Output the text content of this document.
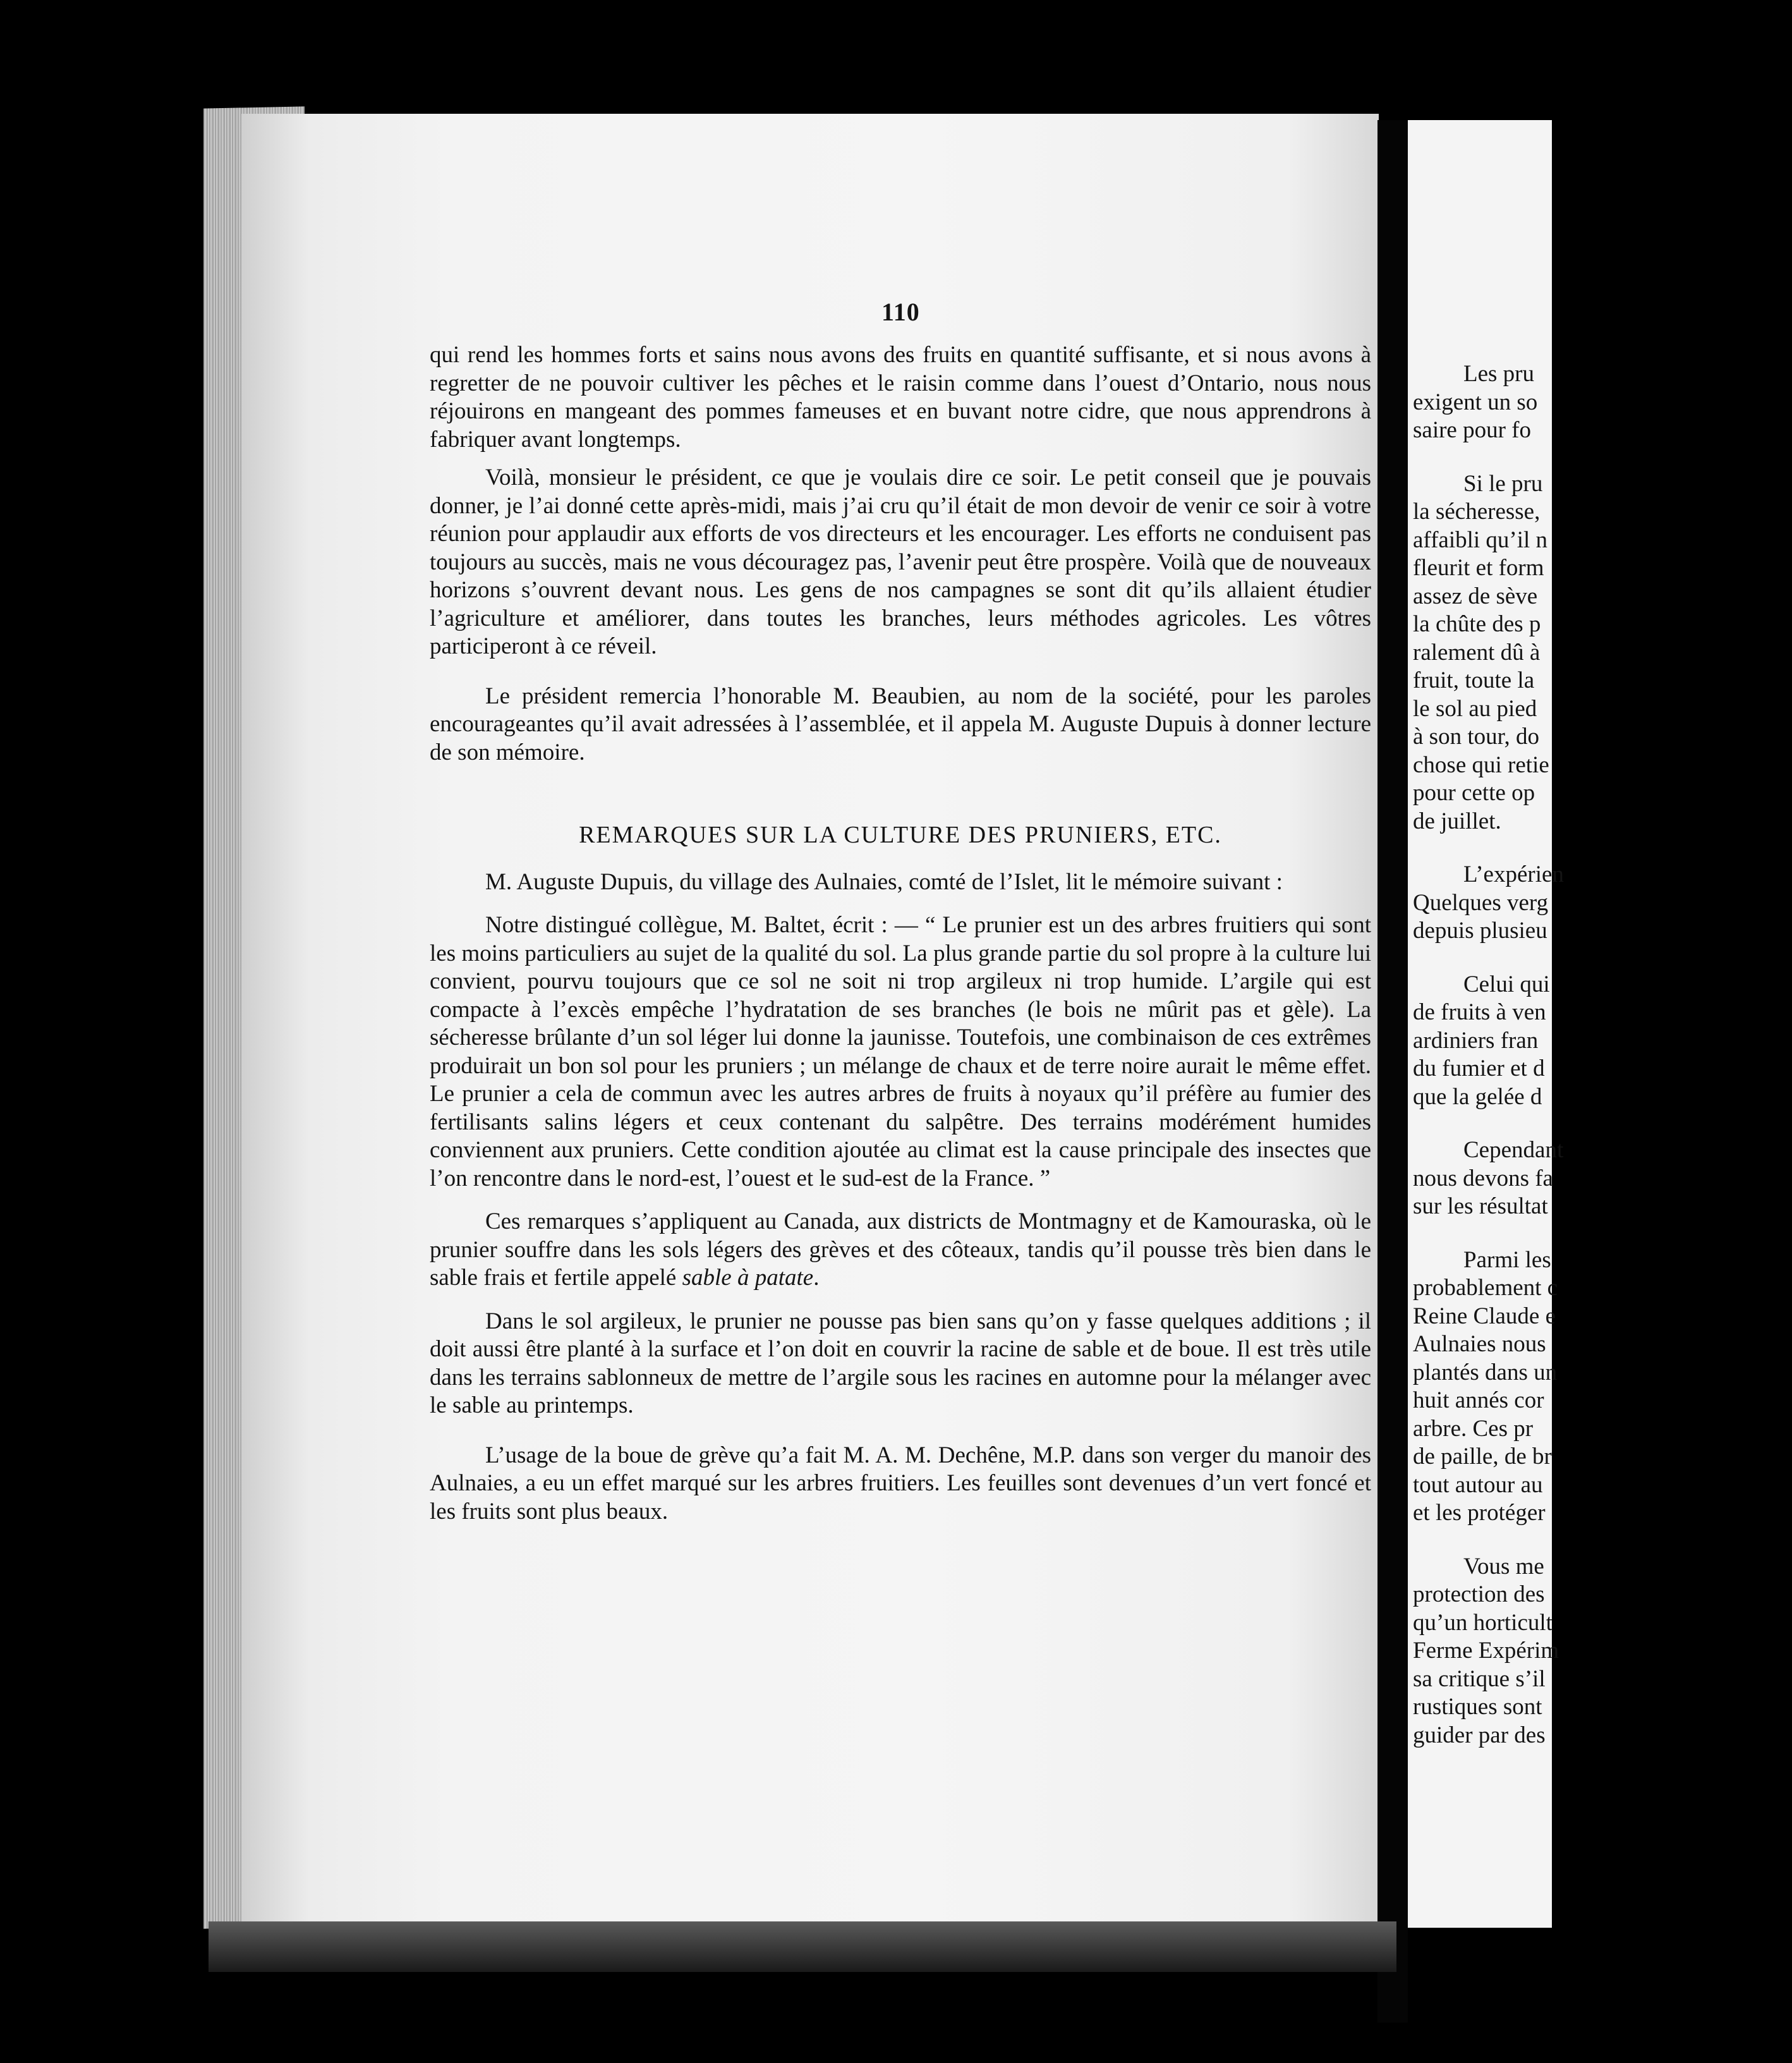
110

qui rend les hommes forts et sains nous avons des fruits en quantité suffisante, et si nous avons à regretter de ne pouvoir cultiver les pêches et le raisin comme dans l’ouest d’Ontario, nous nous réjouirons en mangeant des pommes fameuses et en buvant notre cidre, que nous apprendrons à fabriquer avant longtemps.

Voilà, monsieur le président, ce que je voulais dire ce soir. Le petit conseil que je pouvais donner, je l’ai donné cette après-midi, mais j’ai cru qu’il était de mon devoir de venir ce soir à votre réunion pour applaudir aux efforts de vos directeurs et les encourager. Les efforts ne conduisent pas toujours au succès, mais ne vous découragez pas, l’avenir peut être prospère. Voilà que de nouveaux horizons s’ouvrent devant nous. Les gens de nos campagnes se sont dit qu’ils allaient étudier l’agriculture et améliorer, dans toutes les branches, leurs méthodes agricoles. Les vôtres participeront à ce réveil.

Le président remercia l’honorable M. Beaubien, au nom de la société, pour les paroles encourageantes qu’il avait adressées à l’assemblée, et il appela M. Auguste Dupuis à donner lecture de son mémoire.

REMARQUES SUR LA CULTURE DES PRUNIERS, ETC.

M. Auguste Dupuis, du village des Aulnaies, comté de l’Islet, lit le mémoire suivant :

Notre distingué collègue, M. Baltet, écrit : — “ Le prunier est un des arbres fruitiers qui sont les moins particuliers au sujet de la qualité du sol. La plus grande partie du sol propre à la culture lui convient, pourvu toujours que ce sol ne soit ni trop argileux ni trop humide. L’argile qui est compacte à l’excès empêche l’hydratation de ses branches (le bois ne mûrit pas et gèle). La sécheresse brûlante d’un sol léger lui donne la jaunisse. Toutefois, une combinaison de ces extrêmes produirait un bon sol pour les pruniers ; un mélange de chaux et de terre noire aurait le même effet. Le prunier a cela de commun avec les autres arbres de fruits à noyaux qu’il préfère au fumier des fertilisants salins légers et ceux contenant du salpêtre. Des terrains modérément humides conviennent aux pruniers. Cette condition ajoutée au climat est la cause principale des insectes que l’on rencontre dans le nord-est, l’ouest et le sud-est de la France. ”

Ces remarques s’appliquent au Canada, aux districts de Montmagny et de Kamouraska, où le prunier souffre dans les sols légers des grèves et des côteaux, tandis qu’il pousse très bien dans le sable frais et fertile appelé sable à patate.

Dans le sol argileux, le prunier ne pousse pas bien sans qu’on y fasse quelques additions ; il doit aussi être planté à la surface et l’on doit en couvrir la racine de sable et de boue. Il est très utile dans les terrains sablonneux de mettre de l’argile sous les racines en automne pour la mélanger avec le sable au printemps.

L’usage de la boue de grève qu’a fait M. A. M. Dechêne, M.P. dans son verger du manoir des Aulnaies, a eu un effet marqué sur les arbres fruitiers. Les feuilles sont devenues d’un vert foncé et les fruits sont plus beaux.

Les pru

exigent un so

saire pour fo

Si le pru

la sécheresse,

affaibli qu’il n

fleurit et form

assez de sève

la chûte des p

ralement dû à

fruit, toute la

le sol au pied

à son tour, do

chose qui retie

pour cette op

de juillet.

L’expérien

Quelques verg

depuis plusieu

Celui qui

de fruits à ven

ardiniers fran

du fumier et d

que la gelée d

Cependant

nous devons fa

sur les résultat

Parmi les

probablement c

Reine Claude e

Aulnaies nous

plantés dans un

huit annés cor

arbre. Ces pr

de paille, de br

tout autour au

et les protéger

Vous me

protection des

qu’un horticult

Ferme Expérim

sa critique s’il

rustiques sont

guider par des
